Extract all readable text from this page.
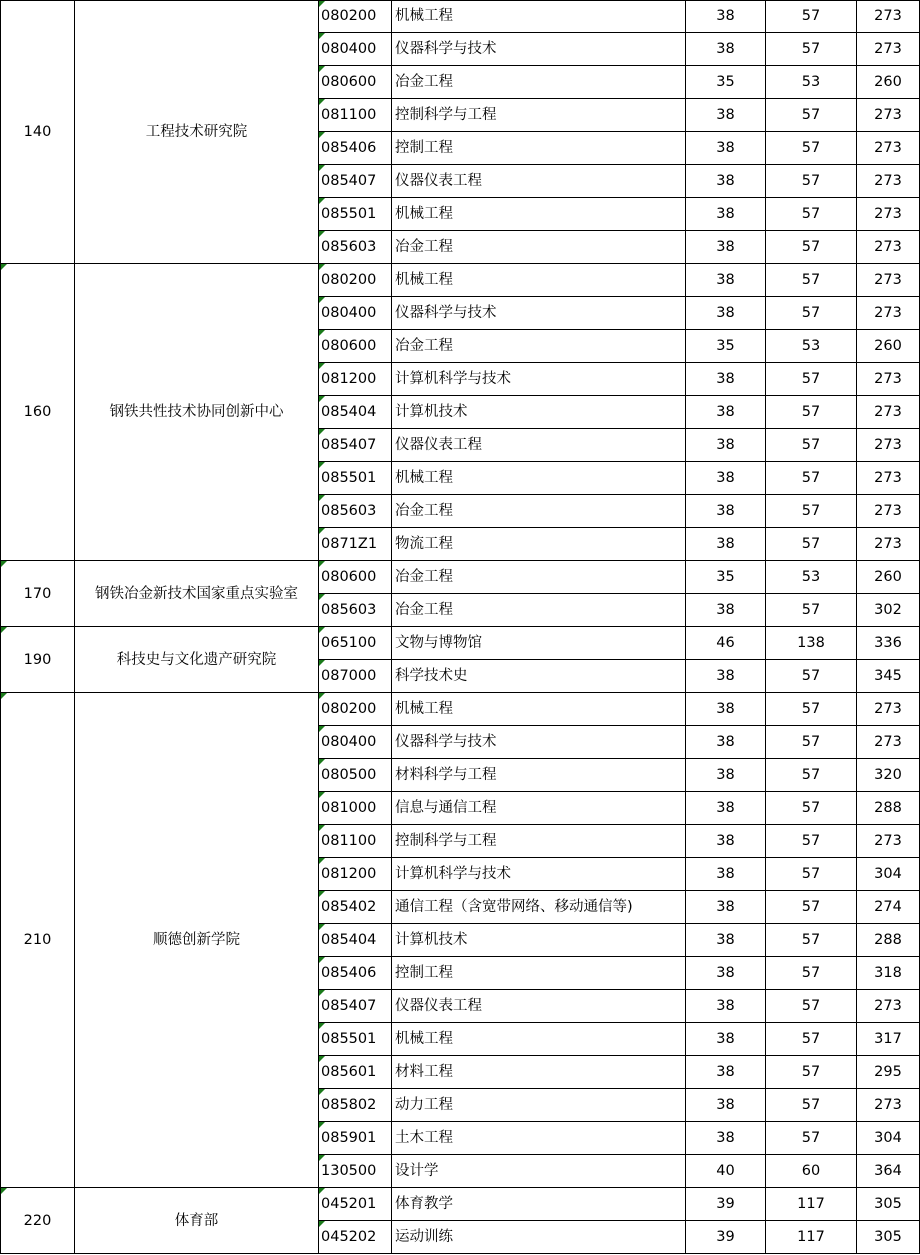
140	工程技术研究院	080200	机械工程	38	57	273
		080400	仪器科学与技术	38	57	273
		080600	冶金工程	35	53	260
		081100	控制科学与工程	38	57	273
		085406	控制工程	38	57	273
		085407	仪器仪表工程	38	57	273
		085501	机械工程	38	57	273
		085603	冶金工程	38	57	273
160	钢铁共性技术协同创新中心	080200	机械工程	38	57	273
		080400	仪器科学与技术	38	57	273
		080600	冶金工程	35	53	260
		081200	计算机科学与技术	38	57	273
		085404	计算机技术	38	57	273
		085407	仪器仪表工程	38	57	273
		085501	机械工程	38	57	273
		085603	冶金工程	38	57	273
		0871Z1	物流工程	38	57	273
170	钢铁冶金新技术国家重点实验室	080600	冶金工程	35	53	260
		085603	冶金工程	38	57	302
190	科技史与文化遗产研究院	065100	文物与博物馆	46	138	336
		087000	科学技术史	38	57	345
210	顺德创新学院	080200	机械工程	38	57	273
		080400	仪器科学与技术	38	57	273
		080500	材料科学与工程	38	57	320
		081000	信息与通信工程	38	57	288
		081100	控制科学与工程	38	57	273
		081200	计算机科学与技术	38	57	304
		085402	通信工程（含宽带网络、移动通信等)	38	57	274
		085404	计算机技术	38	57	288
		085406	控制工程	38	57	318
		085407	仪器仪表工程	38	57	273
		085501	机械工程	38	57	317
		085601	材料工程	38	57	295
		085802	动力工程	38	57	273
		085901	土木工程	38	57	304
		130500	设计学	40	60	364
220	体育部	045201	体育教学	39	117	305
		045202	运动训练	39	117	305
